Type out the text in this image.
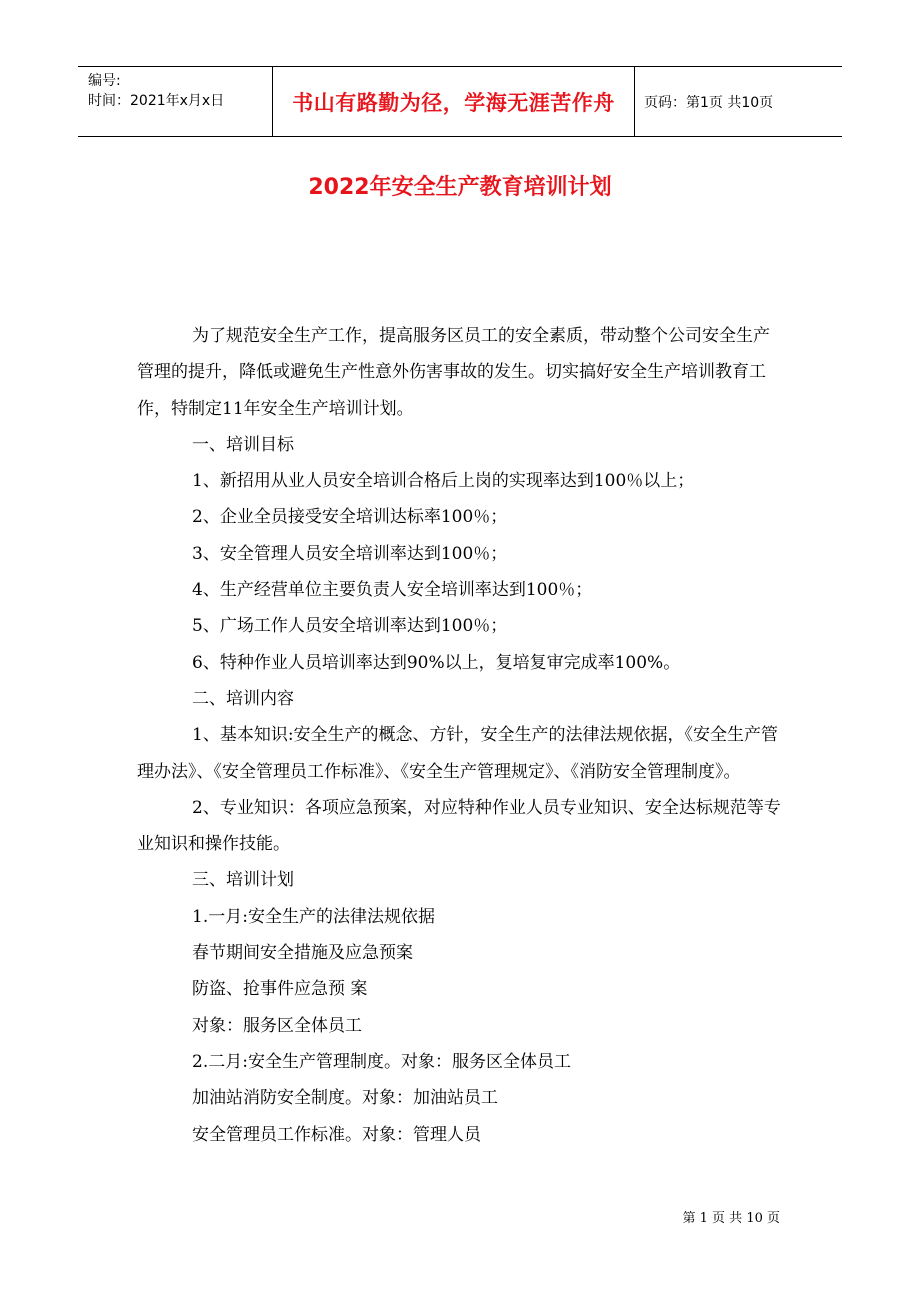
编号:
时间：2021年x月x日	书山有路勤为径，学海无涯苦作舟	页码：第1页 共10页
2022年安全生产教育培训计划

为了规范安全生产工作，提高服务区员工的安全素质，带动整个公司安全生产管理的提升，降低或避免生产性意外伤害事故的发生。切实搞好安全生产培训教育工作，特制定11年安全生产培训计划。

一、培训目标

1、新招用从业人员安全培训合格后上岗的实现率达到100％以上；

2、企业全员接受安全培训达标率100％；

3、安全管理人员安全培训率达到100％；

4、生产经营单位主要负责人安全培训率达到100％；

5、广场工作人员安全培训率达到100％；

6、特种作业人员培训率达到90%以上，复培复审完成率100%。

二、培训内容

1、基本知识:安全生产的概念、方针，安全生产的法律法规依据，《安全生产管理办法》、《安全管理员工作标准》、《安全生产管理规定》、《消防安全管理制度》。

2、专业知识：各项应急预案，对应特种作业人员专业知识、安全达标规范等专业知识和操作技能。

三、培训计划

1.一月:安全生产的法律法规依据

春节期间安全措施及应急预案

防盗、抢事件应急预 案

对象：服务区全体员工

2.二月:安全生产管理制度。对象：服务区全体员工

加油站消防安全制度。对象：加油站员工

安全管理员工作标准。对象：管理人员

第 1 页 共 10 页
